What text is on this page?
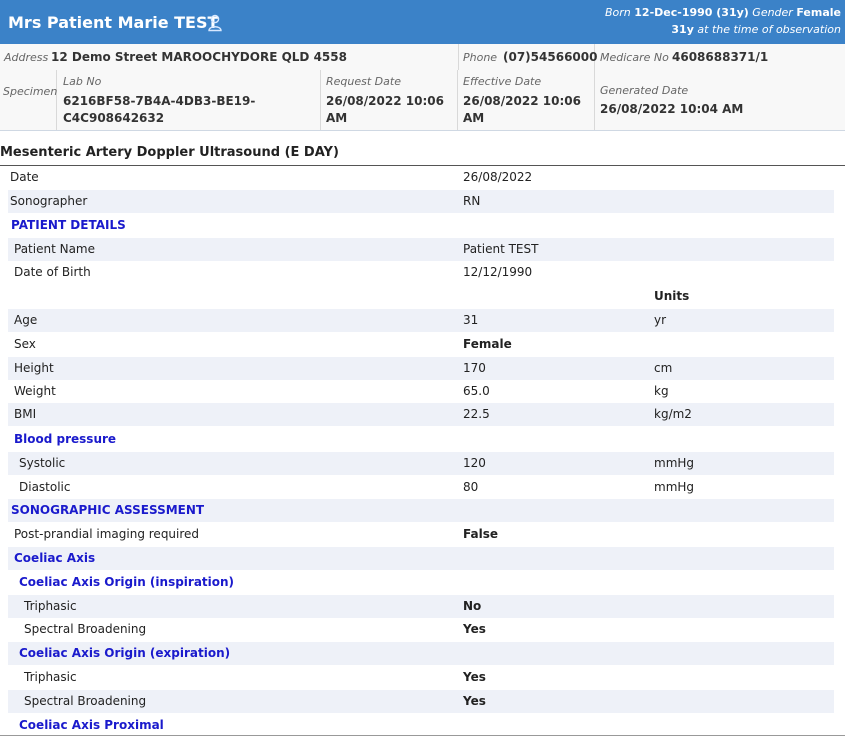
Mrs Patient Marie TEST
Born 12-Dec-1990 (31y) Gender Female
31y at the time of observation
Address 12 Demo Street MAROOCHYDORE QLD 4558	Phone (07)54566000 Medicare No 4608688371/1
Specimen
Lab No
6216BF58-7B4A-4DB3-BE19-
C4C908642632
Request Date
26/08/2022 10:06
AM
Effective Date
26/08/2022 10:06
AM
Generated Date
26/08/2022 10:04 AM
Mesenteric Artery Doppler Ultrasound (E DAY)
Date	26/08/2022
Sonographer	RN
PATIENT DETAILS
Patient Name	Patient TEST
Date of Birth	12/12/1990
Units
Age	31	yr
Sex	Female
Height	170	cm
Weight	65.0	kg
BMI	22.5	kg/m2
Blood pressure
Systolic	120	mmHg
Diastolic	80	mmHg
SONOGRAPHIC ASSESSMENT
Post-prandial imaging required	False
Coeliac Axis
Coeliac Axis Origin (inspiration)
Triphasic	No
Spectral Broadening	Yes
Coeliac Axis Origin (expiration)
Triphasic	Yes
Spectral Broadening	Yes
Coeliac Axis Proximal
